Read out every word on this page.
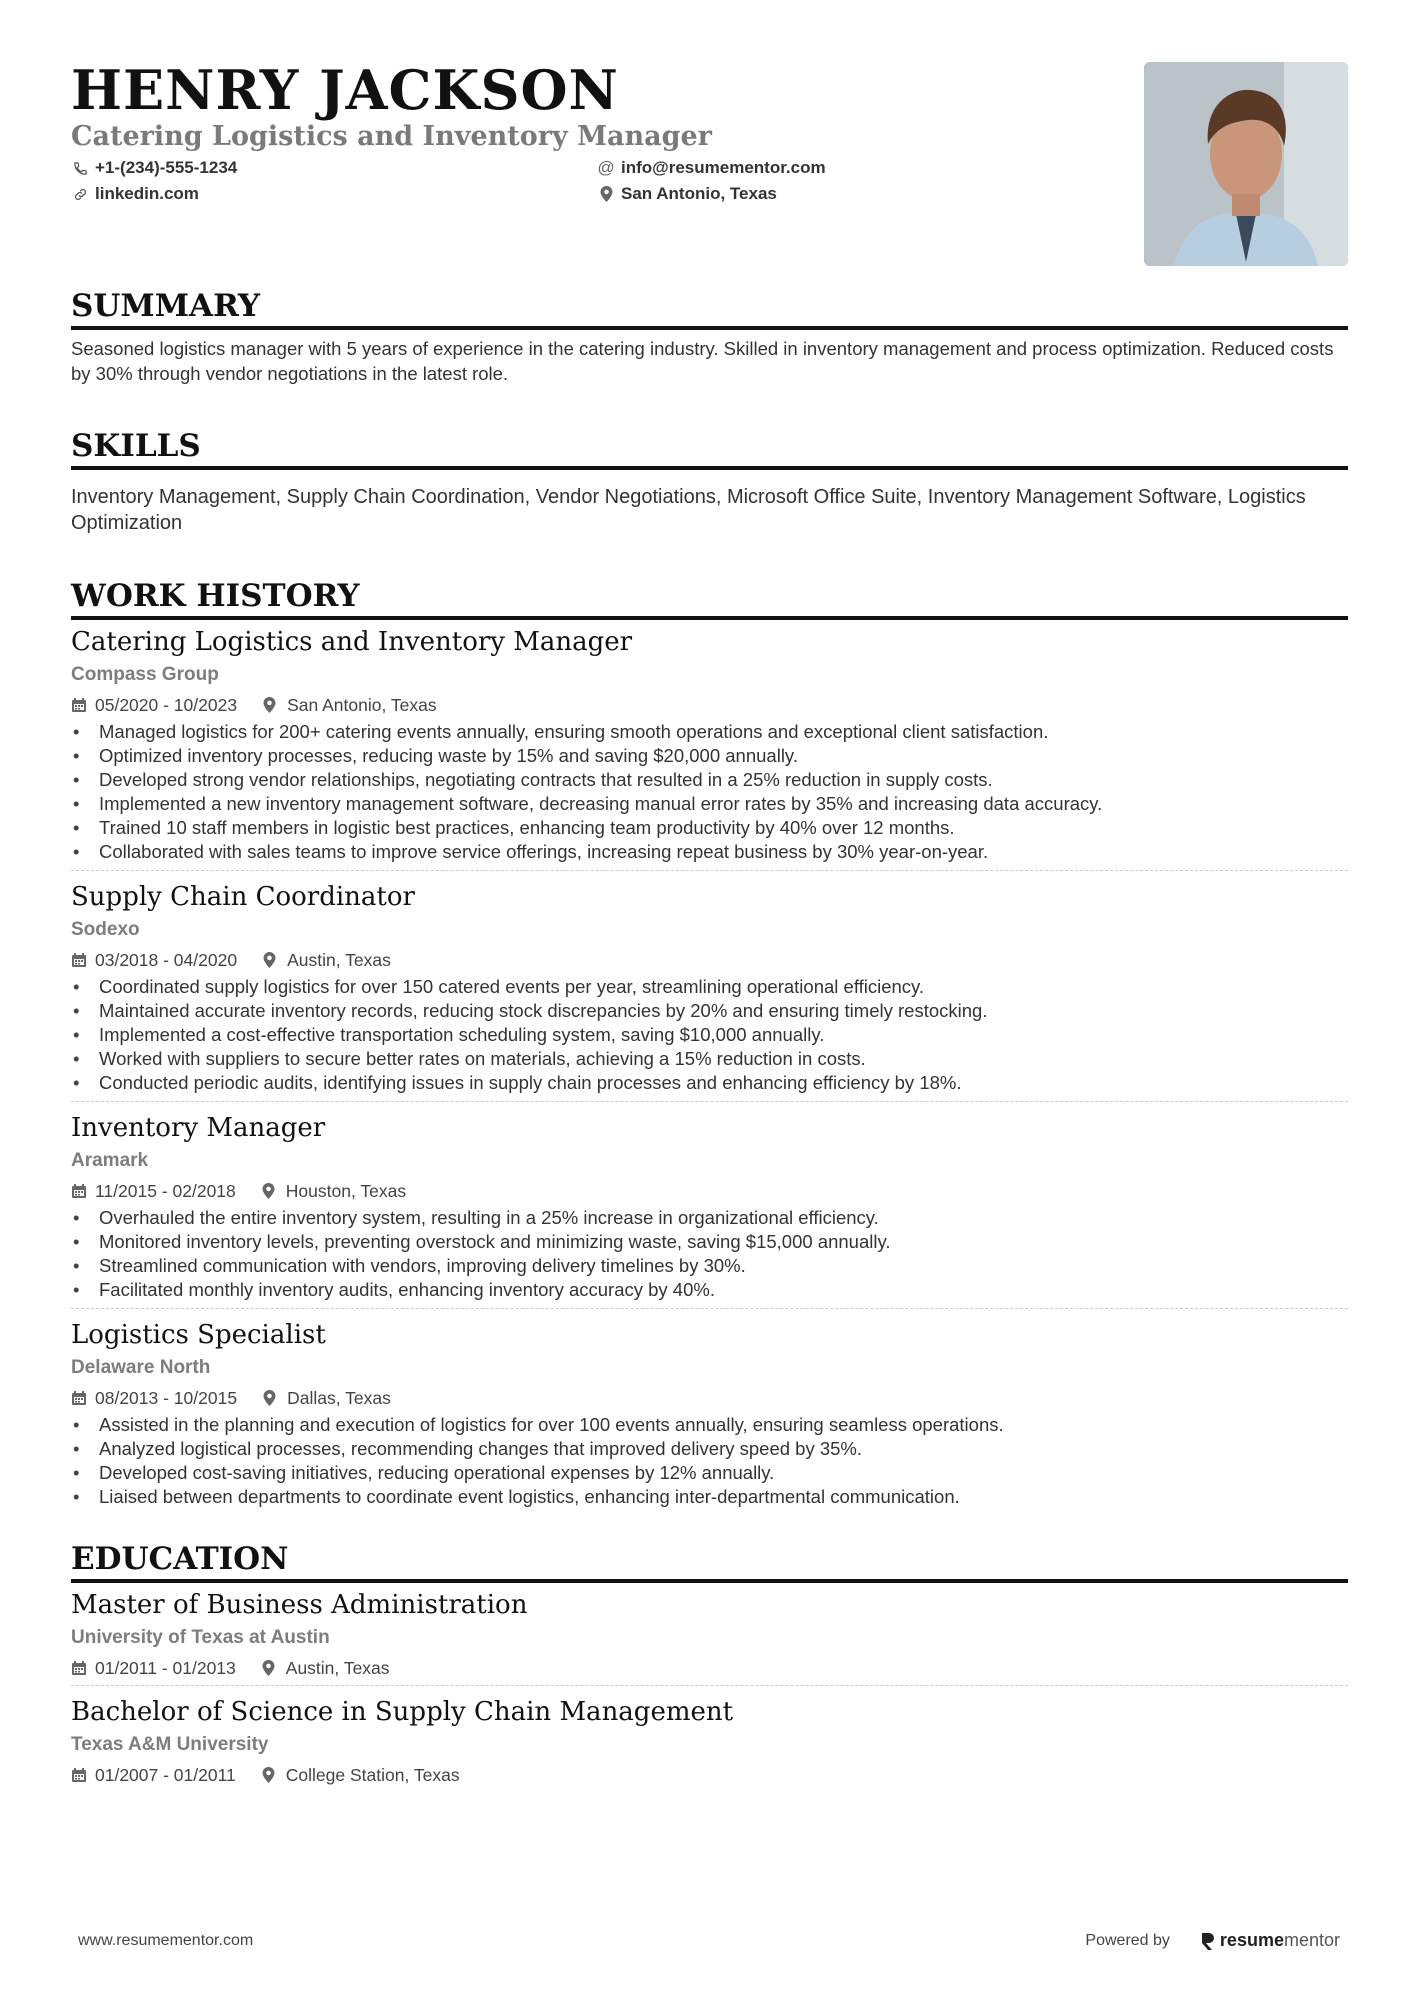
HENRY JACKSON
Catering Logistics and Inventory Manager
+1-(234)-555-1234	@ info@resumementor.com
linkedin.com	San Antonio, Texas
SUMMARY
Seasoned logistics manager with 5 years of experience in the catering industry. Skilled in inventory management and process optimization. Reduced costs by 30% through vendor negotiations in the latest role.
SKILLS
Inventory Management, Supply Chain Coordination, Vendor Negotiations, Microsoft Office Suite, Inventory Management Software, Logistics Optimization
WORK HISTORY
Catering Logistics and Inventory Manager
Compass Group
05/2020 - 10/2023	San Antonio, Texas
• Managed logistics for 200+ catering events annually, ensuring smooth operations and exceptional client satisfaction.
• Optimized inventory processes, reducing waste by 15% and saving $20,000 annually.
• Developed strong vendor relationships, negotiating contracts that resulted in a 25% reduction in supply costs.
• Implemented a new inventory management software, decreasing manual error rates by 35% and increasing data accuracy.
• Trained 10 staff members in logistic best practices, enhancing team productivity by 40% over 12 months.
• Collaborated with sales teams to improve service offerings, increasing repeat business by 30% year-on-year.
Supply Chain Coordinator
Sodexo
03/2018 - 04/2020	Austin, Texas
• Coordinated supply logistics for over 150 catered events per year, streamlining operational efficiency.
• Maintained accurate inventory records, reducing stock discrepancies by 20% and ensuring timely restocking.
• Implemented a cost-effective transportation scheduling system, saving $10,000 annually.
• Worked with suppliers to secure better rates on materials, achieving a 15% reduction in costs.
• Conducted periodic audits, identifying issues in supply chain processes and enhancing efficiency by 18%.
Inventory Manager
Aramark
11/2015 - 02/2018	Houston, Texas
• Overhauled the entire inventory system, resulting in a 25% increase in organizational efficiency.
• Monitored inventory levels, preventing overstock and minimizing waste, saving $15,000 annually.
• Streamlined communication with vendors, improving delivery timelines by 30%.
• Facilitated monthly inventory audits, enhancing inventory accuracy by 40%.
Logistics Specialist
Delaware North
08/2013 - 10/2015	Dallas, Texas
• Assisted in the planning and execution of logistics for over 100 events annually, ensuring seamless operations.
• Analyzed logistical processes, recommending changes that improved delivery speed by 35%.
• Developed cost-saving initiatives, reducing operational expenses by 12% annually.
• Liaised between departments to coordinate event logistics, enhancing inter-departmental communication.
EDUCATION
Master of Business Administration
University of Texas at Austin
01/2011 - 01/2013	Austin, Texas
Bachelor of Science in Supply Chain Management
Texas A&M University
01/2007 - 01/2011	College Station, Texas
www.resumementor.com	Powered by	resume mentor
